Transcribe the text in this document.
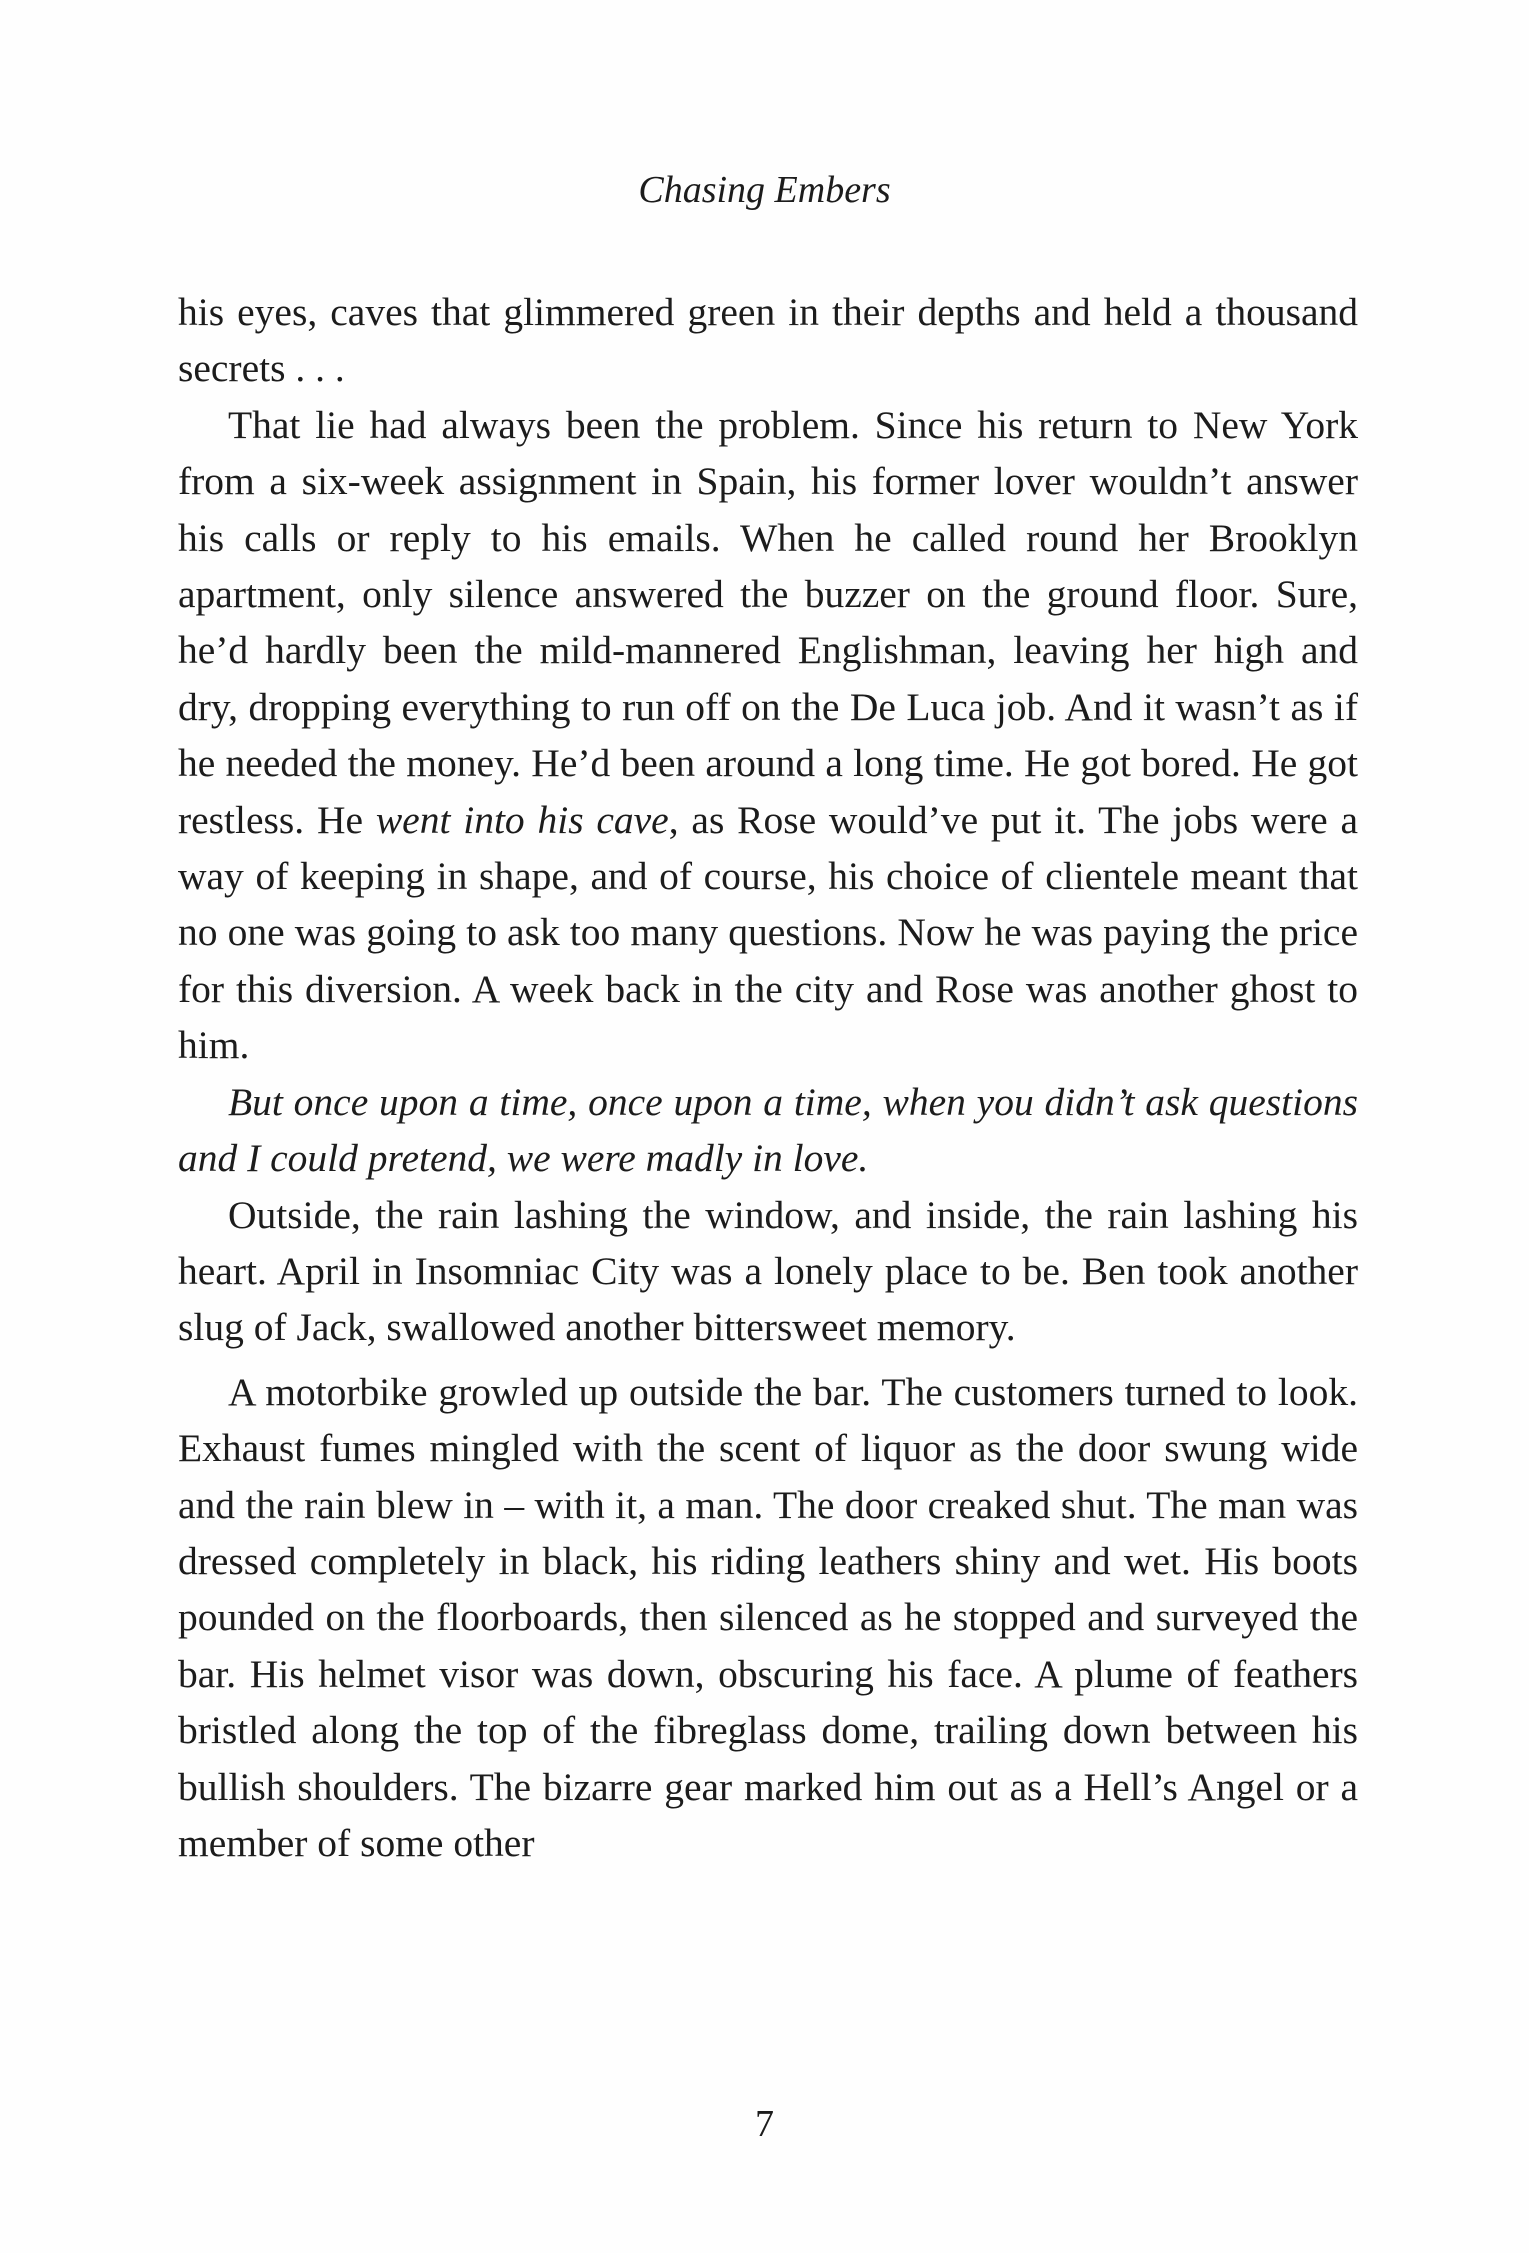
Chasing Embers

his eyes, caves that glimmered green in their depths and held a thousand secrets . . .

That lie had always been the problem. Since his return to New York from a six-week assignment in Spain, his former lover wouldn’t answer his calls or reply to his emails. When he called round her Brooklyn apartment, only silence answered the buzzer on the ground floor. Sure, he’d hardly been the mild-mannered Englishman, leaving her high and dry, dropping everything to run off on the De Luca job. And it wasn’t as if he needed the money. He’d been around a long time. He got bored. He got restless. He went into his cave, as Rose would’ve put it. The jobs were a way of keeping in shape, and of course, his choice of clientele meant that no one was going to ask too many questions. Now he was paying the price for this diversion. A week back in the city and Rose was another ghost to him.

But once upon a time, once upon a time, when you didn’t ask questions and I could pretend, we were madly in love.

Outside, the rain lashing the window, and inside, the rain lashing his heart. April in Insomniac City was a lonely place to be. Ben took another slug of Jack, swallowed another bittersweet memory.

A motorbike growled up outside the bar. The customers turned to look. Exhaust fumes mingled with the scent of liquor as the door swung wide and the rain blew in – with it, a man. The door creaked shut. The man was dressed completely in black, his riding leathers shiny and wet. His boots pounded on the floorboards, then silenced as he stopped and surveyed the bar. His helmet visor was down, obscuring his face. A plume of feathers bristled along the top of the fibreglass dome, trailing down between his bullish shoulders. The bizarre gear marked him out as a Hell’s Angel or a member of some other

7
